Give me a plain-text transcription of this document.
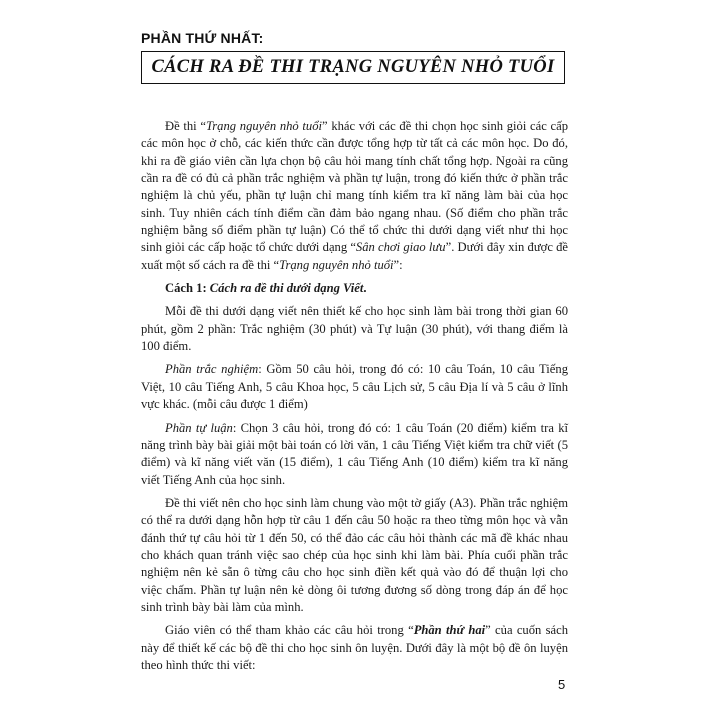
PHẦN THỨ NHẤT:
CÁCH RA ĐỀ THI TRẠNG NGUYÊN NHỎ TUỔI

Đề thi “Trạng nguyên nhỏ tuổi” khác với các đề thi chọn học sinh giỏi các cấp các môn học ở chỗ, các kiến thức cần được tổng hợp từ tất cả các môn học. Do đó, khi ra đề giáo viên cần lựa chọn bộ câu hỏi mang tính chất tổng hợp. Ngoài ra cũng cần ra đề có đủ cả phần trắc nghiệm và phần tự luận, trong đó kiến thức ở phần trắc nghiệm là chủ yếu, phần tự luận chỉ mang tính kiểm tra kĩ năng làm bài của học sinh. Tuy nhiên cách tính điểm cần đảm bảo ngang nhau. (Số điểm cho phần trắc nghiệm bằng số điểm phần tự luận) Có thể tổ chức thi dưới dạng viết như thi học sinh giỏi các cấp hoặc tổ chức dưới dạng “Sân chơi giao lưu”. Dưới đây xin được đề xuất một số cách ra đề thi “Trạng nguyên nhỏ tuổi”:

Cách 1: Cách ra đề thi dưới dạng Viết.

Mỗi đề thi dưới dạng viết nên thiết kế cho học sinh làm bài trong thời gian 60 phút, gồm 2 phần: Trắc nghiệm (30 phút) và Tự luận (30 phút), với thang điểm là 100 điểm.

Phần trắc nghiệm: Gồm 50 câu hỏi, trong đó có: 10 câu Toán, 10 câu Tiếng Việt, 10 câu Tiếng Anh, 5 câu Khoa học, 5 câu Lịch sử, 5 câu Địa lí và 5 câu ở lĩnh vực khác. (mỗi câu được 1 điểm)

Phần tự luận: Chọn 3 câu hỏi, trong đó có: 1 câu Toán (20 điểm) kiểm tra kĩ năng trình bày bài giải một bài toán có lời văn, 1 câu Tiếng Việt kiểm tra chữ viết (5 điểm) và kĩ năng viết văn (15 điểm), 1 câu Tiếng Anh (10 điểm) kiểm tra kĩ năng viết Tiếng Anh của học sinh.

Đề thi viết nên cho học sinh làm chung vào một tờ giấy (A3). Phần trắc nghiệm có thể ra dưới dạng hỗn hợp từ câu 1 đến câu 50 hoặc ra theo từng môn học và vẫn đánh thứ tự câu hỏi từ 1 đến 50, có thể đảo các câu hỏi thành các mã đề khác nhau cho khách quan tránh việc sao chép của học sinh khi làm bài. Phía cuối phần trắc nghiệm nên kẻ sẵn ô từng câu cho học sinh điền kết quả vào đó để thuận lợi cho việc chấm. Phần tự luận nên kẻ dòng ôi tương đương số dòng trong đáp án để học sinh trình bày bài làm của mình.

Giáo viên có thể tham khảo các câu hỏi trong “Phần thứ hai” của cuốn sách này để thiết kế các bộ đề thi cho học sinh ôn luyện. Dưới đây là một bộ đề ôn luyện theo hình thức thi viết:

5
